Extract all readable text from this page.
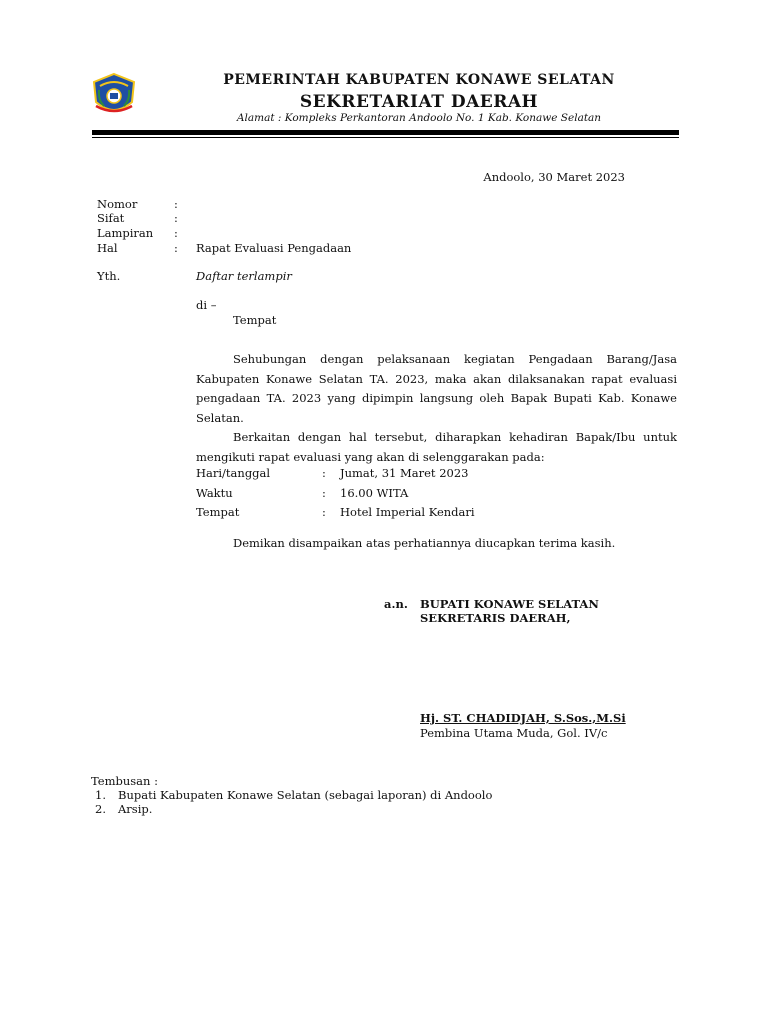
PEMERINTAH KABUPATEN KONAWE SELATAN
SEKRETARIAT DAERAH
Alamat : Kompleks Perkantoran Andoolo No. 1 Kab. Konawe Selatan
Andoolo, 30 Maret 2023
Nomor	:
Sifat	:
Lampiran :
Hal	: Rapat Evaluasi Pengadaan
Yth.	Daftar terlampir
di –
Tempat
Sehubungan dengan pelaksanaan kegiatan Pengadaan Barang/Jasa Kabupaten Konawe Selatan TA. 2023, maka akan dilaksanakan rapat evaluasi pengadaan TA. 2023 yang dipimpin langsung oleh Bapak Bupati Kab. Konawe Selatan.
Berkaitan dengan hal tersebut, diharapkan kehadiran Bapak/Ibu untuk mengikuti rapat evaluasi yang akan di selenggarakan pada:
Hari/tanggal	: Jumat, 31 Maret 2023
Waktu	: 16.00 WITA
Tempat	: Hotel Imperial Kendari
Demikan disampaikan atas perhatiannya diucapkan terima kasih.
a.n. BUPATI KONAWE SELATAN
SEKRETARIS DAERAH,
Hj. ST. CHADIDJAH, S.Sos.,M.Si
Pembina Utama Muda, Gol. IV/c
Tembusan :
1. Bupati Kabupaten Konawe Selatan (sebagai laporan) di Andoolo
2. Arsip.
